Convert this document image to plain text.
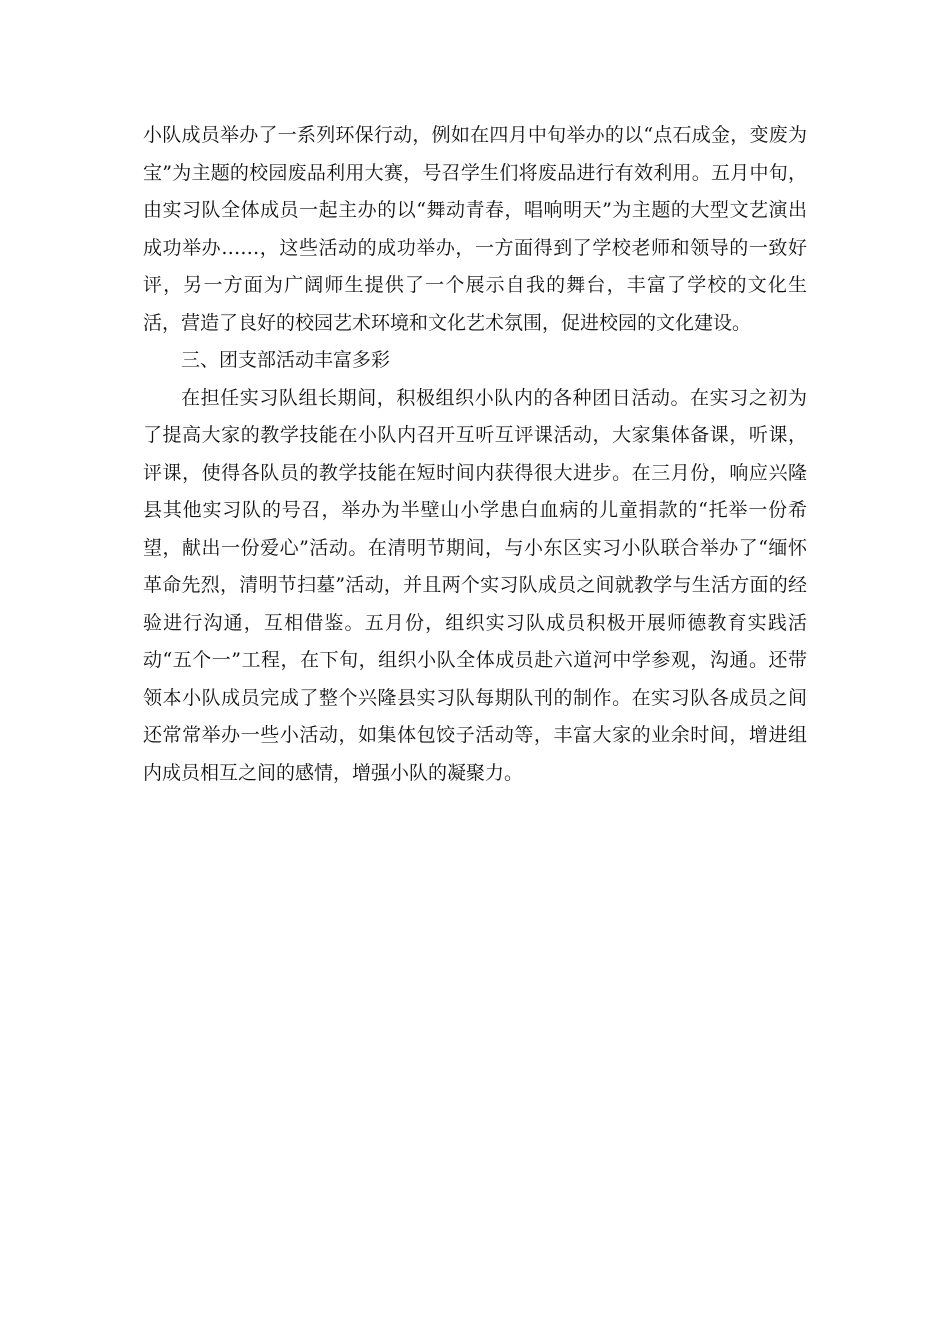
小队成员举办了一系列环保行动，例如在四月中旬举办的以“点石成金，变废为宝”为主题的校园废品利用大赛，号召学生们将废品进行有效利用。五月中旬，由实习队全体成员一起主办的以“舞动青春，唱响明天”为主题的大型文艺演出成功举办……，这些活动的成功举办，一方面得到了学校老师和领导的一致好评，另一方面为广阔师生提供了一个展示自我的舞台，丰富了学校的文化生活，营造了良好的校园艺术环境和文化艺术氛围，促进校园的文化建设。

三、团支部活动丰富多彩

在担任实习队组长期间，积极组织小队内的各种团日活动。在实习之初为了提高大家的教学技能在小队内召开互听互评课活动，大家集体备课，听课，评课，使得各队员的教学技能在短时间内获得很大进步。在三月份，响应兴隆县其他实习队的号召，举办为半壁山小学患白血病的儿童捐款的“托举一份希望，献出一份爱心”活动。在清明节期间，与小东区实习小队联合举办了“缅怀革命先烈，清明节扫墓”活动，并且两个实习队成员之间就教学与生活方面的经验进行沟通，互相借鉴。五月份，组织实习队成员积极开展师德教育实践活动“五个一”工程，在下旬，组织小队全体成员赴六道河中学参观，沟通。还带领本小队成员完成了整个兴隆县实习队每期队刊的制作。在实习队各成员之间还常常举办一些小活动，如集体包饺子活动等，丰富大家的业余时间，增进组内成员相互之间的感情，增强小队的凝聚力。
